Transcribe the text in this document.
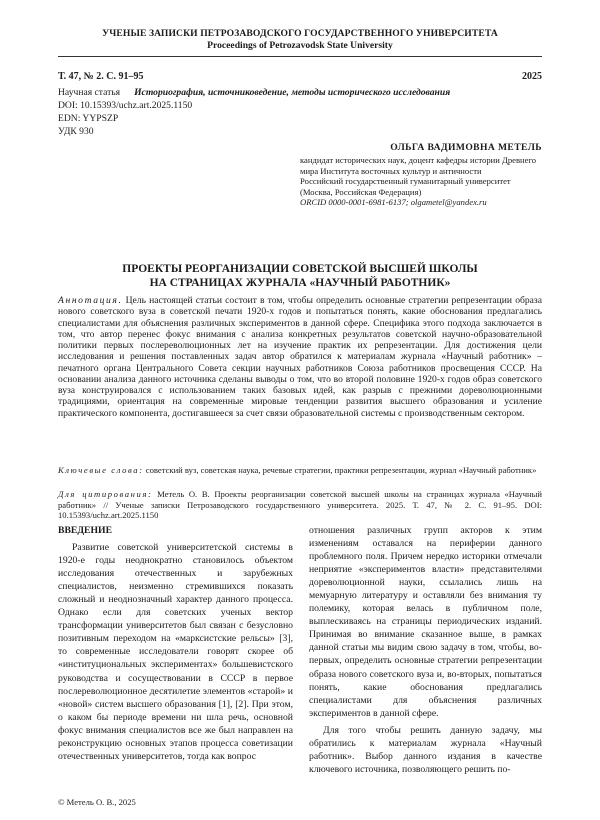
УЧЕНЫЕ ЗАПИСКИ ПЕТРОЗАВОДСКОГО ГОСУДАРСТВЕННОГО УНИВЕРСИТЕТА
Proceedings of Petrozavodsk State University
Т. 47, № 2. С. 91–95	2025
Научная статья Историография, источниковедение, методы исторического исследования
DOI: 10.15393/uchz.art.2025.1150
EDN: YYPSZP
УДК 930
ОЛЬГА ВАДИМОВНА МЕТЕЛЬ
кандидат исторических наук, доцент кафедры истории Древнего мира Института восточных культур и античности
Российский государственный гуманитарный университет (Москва, Российская Федерация)
ORCID 0000-0001-6981-6137; olgametel@yandex.ru
ПРОЕКТЫ РЕОРГАНИЗАЦИИ СОВЕТСКОЙ ВЫСШЕЙ ШКОЛЫ
НА СТРАНИЦАХ ЖУРНАЛА «НАУЧНЫЙ РАБОТНИК»
Аннотация. Цель настоящей статьи состоит в том, чтобы определить основные стратегии репрезентации образа нового советского вуза в советской печати 1920-х годов и попытаться понять, какие обоснования предлагались специалистами для объяснения различных экспериментов в данной сфере. Специфика этого подхода заключается в том, что автор перенес фокус внимания с анализа конкретных результатов советской научно-образовательной политики первых послереволюционных лет на изучение практик их репрезентации. Для достижения цели исследования и решения поставленных задач автор обратился к материалам журнала «Научный работник» – печатного органа Центрального Совета секции научных работников Союза работников просвещения СССР. На основании анализа данного источника сделаны выводы о том, что во второй половине 1920-х годов образ советского вуза конструировался с использованием таких базовых идей, как разрыв с прежними дореволюционными традициями, ориентация на современные мировые тенденции развития высшего образования и усиление практического компонента, достигавшееся за счет связи образовательной системы с производственным сектором.
Ключевые слова: советский вуз, советская наука, речевые стратегии, практики репрезентации, журнал «Научный работник»
Для цитирования: Метель О. В. Проекты реорганизации советской высшей школы на страницах журнала «Научный работник» // Ученые записки Петрозаводского государственного университета. 2025. Т. 47, № 2. С. 91–95. DOI: 10.15393/uchz.art.2025.1150
ВВЕДЕНИЕ

Развитие советской университетской системы в 1920-е годы неоднократно становилось объектом исследования отечественных и зарубежных специалистов, неизменно стремившихся показать сложный и неоднозначный характер данного процесса. Однако если для советских ученых вектор трансформации университетов был связан с безусловно позитивным переходом на «марксистские рельсы» [3], то современные исследователи говорят скорее об «институциональных экспериментах» большевистского руководства и сосуществовании в СССР в первое послереволюционное десятилетие элементов «старой» и «новой» систем высшего образования [1], [2]. При этом, о каком бы периоде времени ни шла речь, основной фокус внимания специалистов все же был направлен на реконструкцию основных этапов процесса советизации отечественных университетов, тогда как вопрос

отношения различных групп акторов к этим изменениям оставался на периферии данного проблемного поля. Причем нередко историки отмечали неприятие «экспериментов власти» представителями дореволюционной науки, ссылались лишь на мемуарную литературу и оставляли без внимания ту полемику, которая велась в публичном поле, выплескиваясь на страницы периодических изданий. Принимая во внимание сказанное выше, в рамках данной статьи мы видим свою задачу в том, чтобы, во-первых, определить основные стратегии репрезентации образа нового советского вуза и, во-вторых, попытаться понять, какие обоснования предлагались специалистами для объяснения различных экспериментов в данной сфере.

Для того чтобы решить данную задачу, мы обратились к материалам журнала «Научный работник». Выбор данного издания в качестве ключевого источника, позволяющего решить по-

© Метель О. В., 2025
